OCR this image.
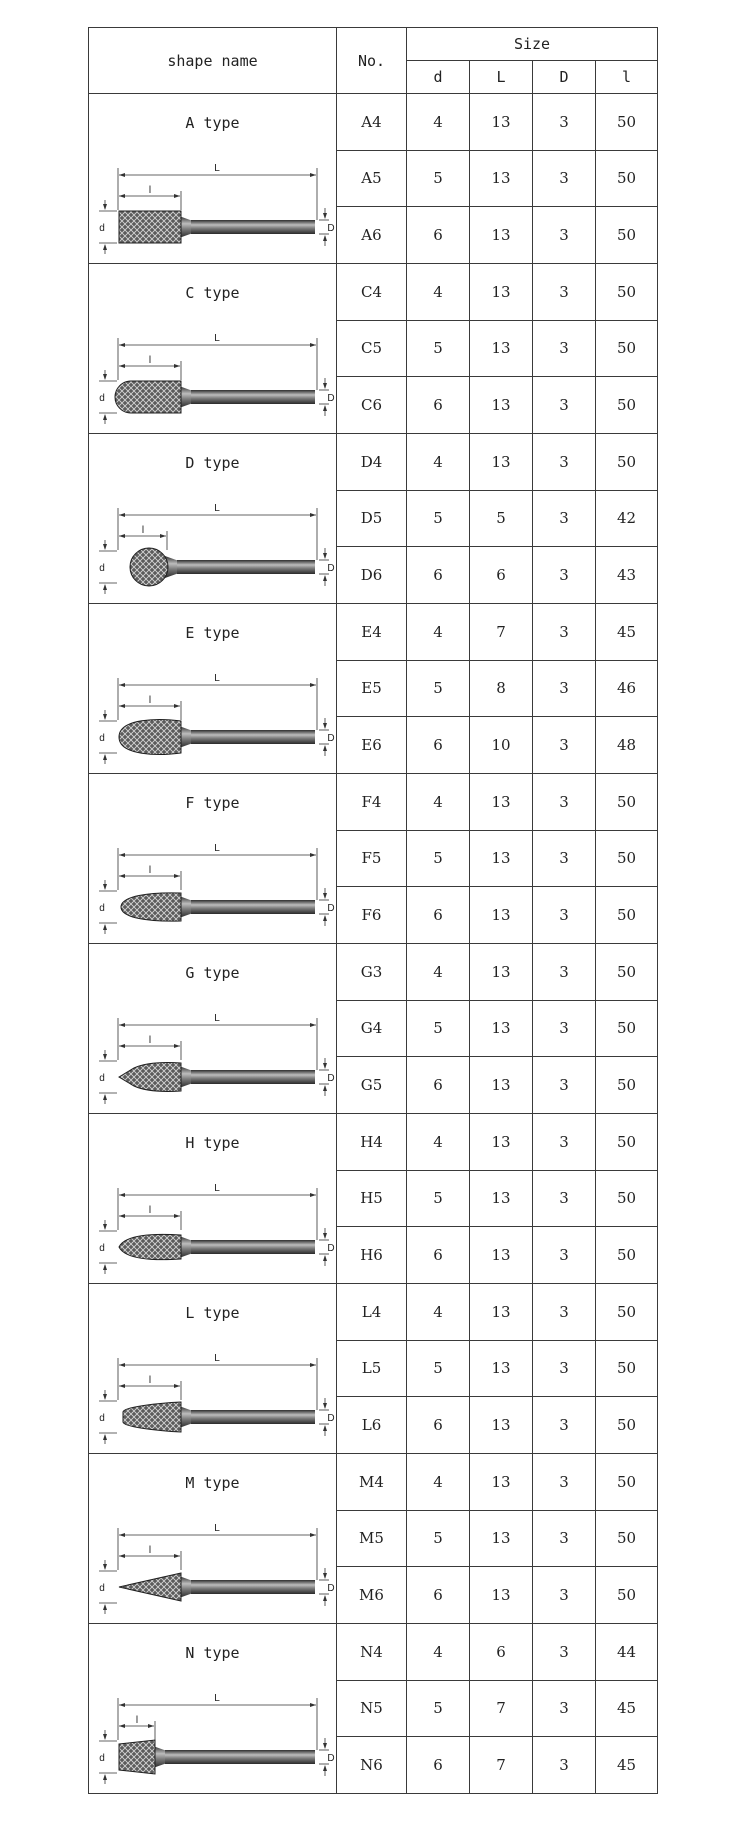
shape name	No.	Size			
		d	L	D	l

A type
L
l
d D	A4	4	13	3	50
	A5	5	13	3	50
	A6	6	13	3	50

C type
L
l
d D	C4	4	13	3	50
	C5	5	13	3	50
	C6	6	13	3	50

D type
L
l
d D	D4	4	13	3	50
	D5	5	5	3	42
	D6	6	6	3	43

E type
L
l
d D	E4	4	7	3	45
	E5	5	8	3	46
	E6	6	10	3	48

F type
L
l
d D	F4	4	13	3	50
	F5	5	13	3	50
	F6	6	13	3	50

G type
L
l
d D	G3	4	13	3	50
	G4	5	13	3	50
	G5	6	13	3	50

H type
L
l
d D	H4	4	13	3	50
	H5	5	13	3	50
	H6	6	13	3	50

L type
L
l
d D	L4	4	13	3	50
	L5	5	13	3	50
	L6	6	13	3	50

M type
L
l
d D	M4	4	13	3	50
	M5	5	13	3	50
	M6	6	13	3	50

N type
L
l
d D	N4	4	6	3	44
	N5	5	7	3	45
	N6	6	7	3	45
